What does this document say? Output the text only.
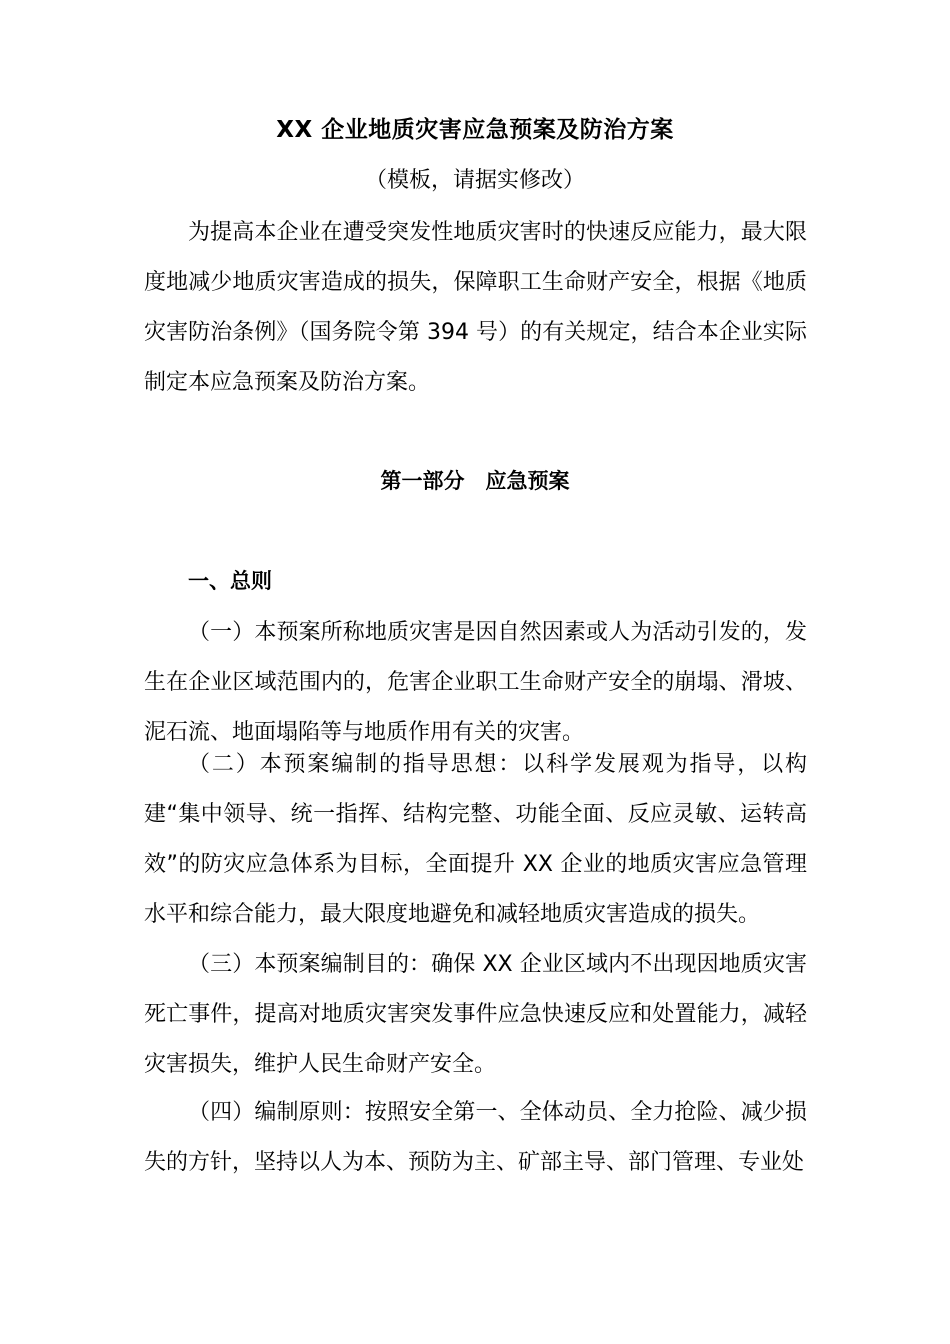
XX 企业地质灾害应急预案及防治方案
（模板，请据实修改）

为提高本企业在遭受突发性地质灾害时的快速反应能力，最大限度地减少地质灾害造成的损失，保障职工生命财产安全，根据《地质灾害防治条例》（国务院令第 394 号）的有关规定，结合本企业实际制定本应急预案及防治方案。

第一部分　应急预案
一、总则

（一）本预案所称地质灾害是因自然因素或人为活动引发的，发生在企业区域范围内的，危害企业职工生命财产安全的崩塌、滑坡、泥石流、地面塌陷等与地质作用有关的灾害。

（二）本预案编制的指导思想：以科学发展观为指导，以构建“集中领导、统一指挥、结构完整、功能全面、反应灵敏、运转高效”的防灾应急体系为目标，全面提升 XX 企业的地质灾害应急管理水平和综合能力，最大限度地避免和减轻地质灾害造成的损失。

（三）本预案编制目的：确保 XX 企业区域内不出现因地质灾害死亡事件，提高对地质灾害突发事件应急快速反应和处置能力，减轻灾害损失，维护人民生命财产安全。

（四）编制原则：按照安全第一、全体动员、全力抢险、减少损失的方针，坚持以人为本、预防为主、矿部主导、部门管理、专业处
